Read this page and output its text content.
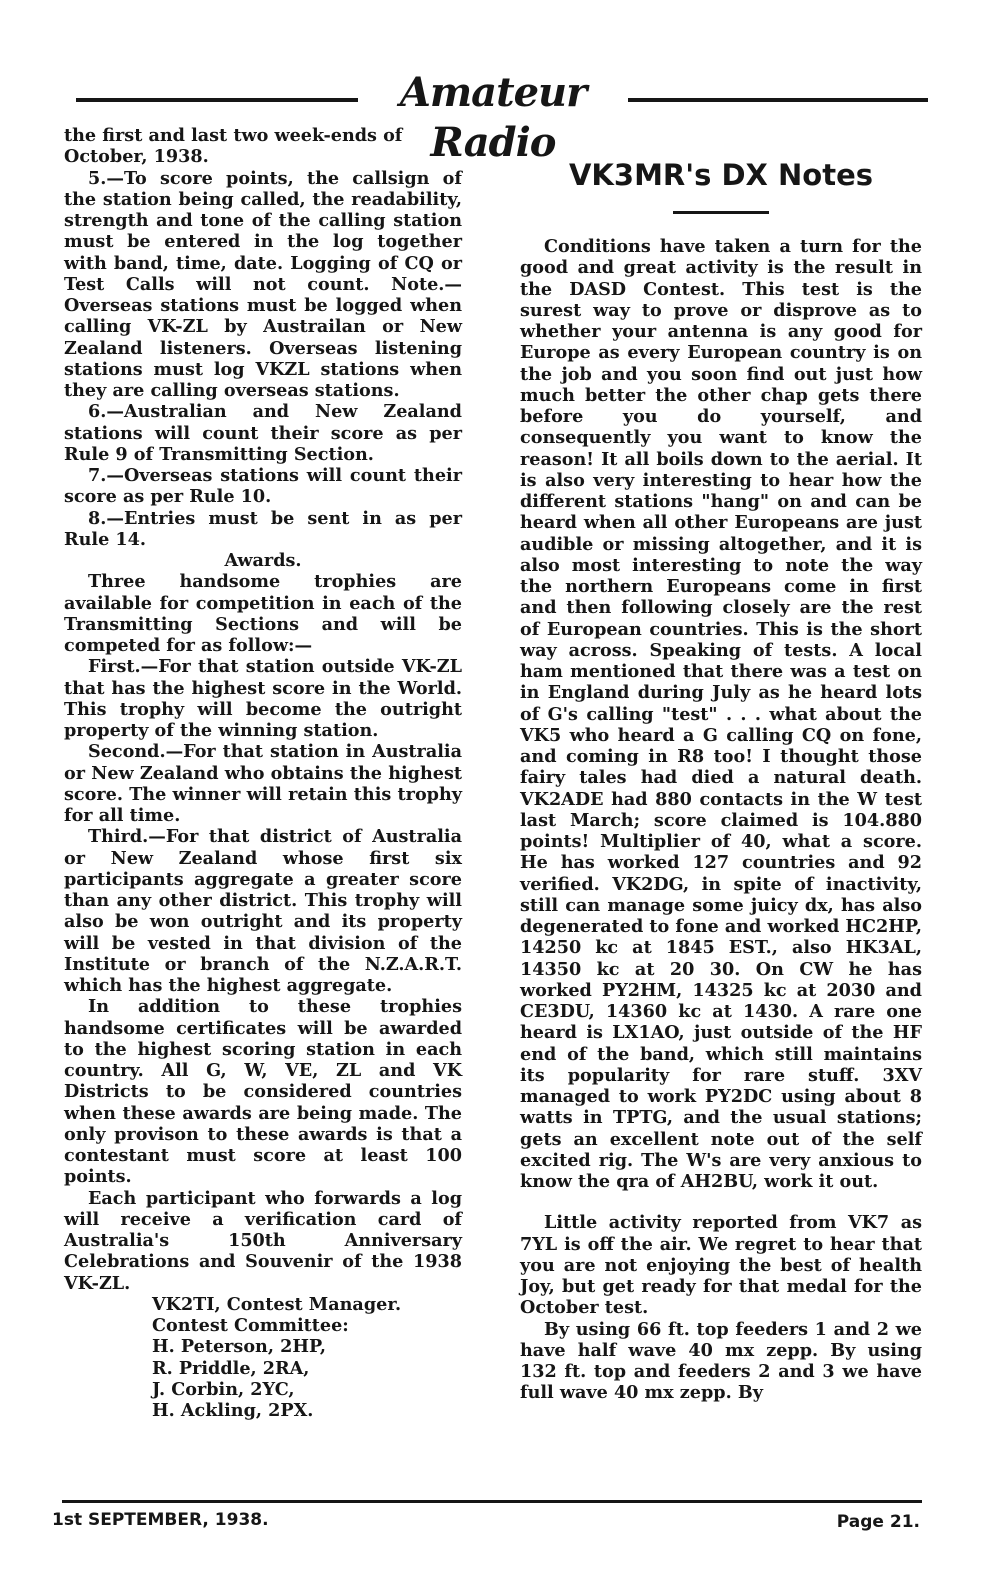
Amateur Radio

the first and last two week-ends of October, 1938.

5.—To score points, the callsign of the station being called, the readability, strength and tone of the calling station must be entered in the log together with band, time, date. Logging of CQ or Test Calls will not count. Note.—Overseas stations must be logged when calling VK-ZL by Austrailan or New Zealand listeners. Overseas listening stations must log VKZL stations when they are calling overseas stations.

6.—Australian and New Zealand stations will count their score as per Rule 9 of Transmitting Section.

7.—Overseas stations will count their score as per Rule 10.

8.—Entries must be sent in as per Rule 14.

Awards.

Three handsome trophies are available for competition in each of the Transmitting Sections and will be competed for as follow:—

First.—For that station outside VK-ZL that has the highest score in the World. This trophy will become the outright property of the winning station.

Second.—For that station in Australia or New Zealand who obtains the highest score. The winner will retain this trophy for all time.

Third.—For that district of Australia or New Zealand whose first six participants aggregate a greater score than any other district. This trophy will also be won outright and its property will be vested in that division of the Institute or branch of the N.Z.A.R.T. which has the highest aggregate.

In addition to these trophies handsome certificates will be awarded to the highest scoring station in each country. All G, W, VE, ZL and VK Districts to be considered countries when these awards are being made. The only provison to these awards is that a contestant must score at least 100 points.

Each participant who forwards a log will receive a verification card of Australia's 150th Anniversary Celebrations and Souvenir of the 1938 VK-ZL.

VK2TI, Contest Manager.

Contest Committee:

H. Peterson, 2HP,

R. Priddle, 2RA,

J. Corbin, 2YC,

H. Ackling, 2PX.

VK3MR's DX Notes

Conditions have taken a turn for the good and great activity is the result in the DASD Contest. This test is the surest way to prove or disprove as to whether your antenna is any good for Europe as every European country is on the job and you soon find out just how much better the other chap gets there before you do yourself, and consequently you want to know the reason! It all boils down to the aerial. It is also very interesting to hear how the different stations "hang" on and can be heard when all other Europeans are just audible or missing altogether, and it is also most interesting to note the way the northern Europeans come in first and then following closely are the rest of European countries. This is the short way across. Speaking of tests. A local ham mentioned that there was a test on in England during July as he heard lots of G's calling "test" . . . what about the VK5 who heard a G calling CQ on fone, and coming in R8 too! I thought those fairy tales had died a natural death. VK2ADE had 880 contacts in the W test last March; score claimed is 104.880 points! Multiplier of 40, what a score. He has worked 127 countries and 92 verified. VK2DG, in spite of inactivity, still can manage some juicy dx, has also degenerated to fone and worked HC2HP, 14250 kc at 1845 EST., also HK3AL, 14350 kc at 20 30. On CW he has worked PY2HM, 14325 kc at 2030 and CE3DU, 14360 kc at 1430. A rare one heard is LX1AO, just outside of the HF end of the band, which still maintains its popularity for rare stuff. 3XV managed to work PY2DC using about 8 watts in TPTG, and the usual stations; gets an excellent note out of the self excited rig. The W's are very anxious to know the qra of AH2BU, work it out.

Little activity reported from VK7 as 7YL is off the air. We regret to hear that you are not enjoying the best of health Joy, but get ready for that medal for the October test.

By using 66 ft. top feeders 1 and 2 we have half wave 40 mx zepp. By using 132 ft. top and feeders 2 and 3 we have full wave 40 mx zepp. By

1st SEPTEMBER, 1938.	Page 21.
